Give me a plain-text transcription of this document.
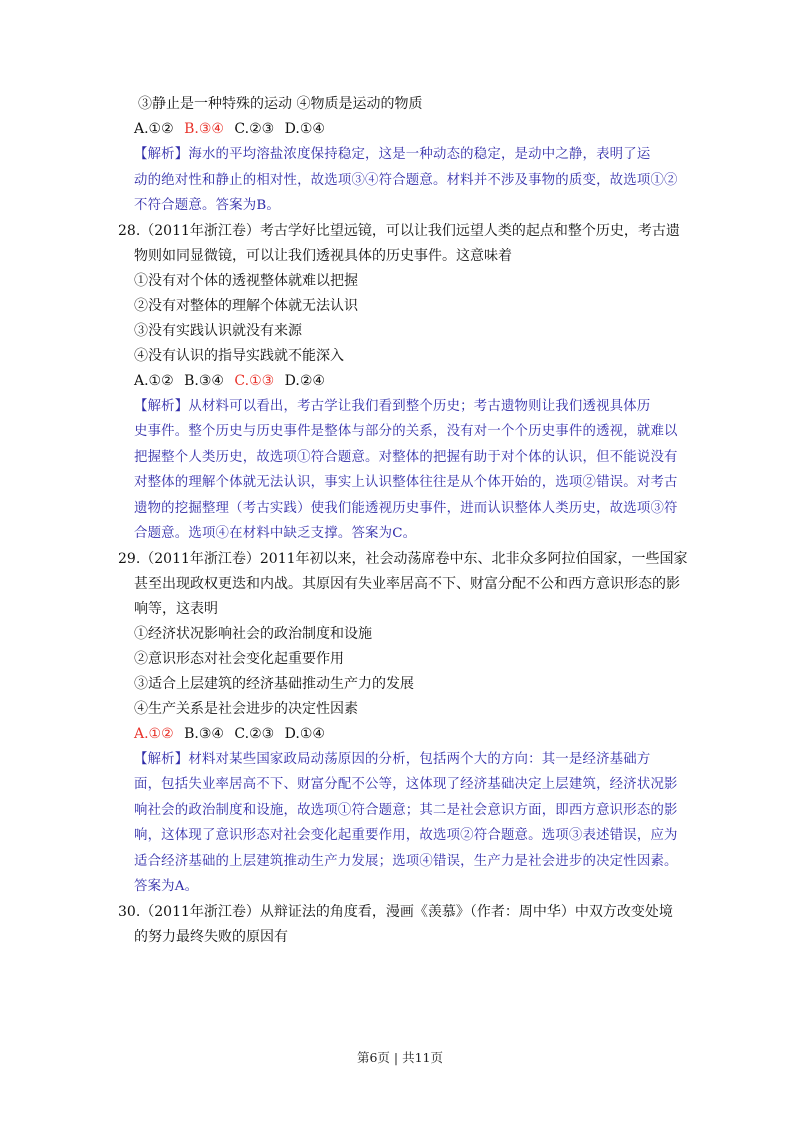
③静止是一种特殊的运动 ④物质是运动的物质
A.①② B.③④ C.②③ D.①④
【解析】海水的平均溶盐浓度保持稳定，这是一种动态的稳定，是动中之静，表明了运
动的绝对性和静止的相对性，故选项③④符合题意。材料并不涉及事物的质变，故选项①②
不符合题意。答案为B。
28.（2011年浙江卷）考古学好比望远镜，可以让我们远望人类的起点和整个历史，考古遗
物则如同显微镜，可以让我们透视具体的历史事件。这意味着
①没有对个体的透视整体就难以把握
②没有对整体的理解个体就无法认识
③没有实践认识就没有来源
④没有认识的指导实践就不能深入
A.①② B.③④ C.①③ D.②④
【解析】从材料可以看出，考古学让我们看到整个历史；考古遗物则让我们透视具体历
史事件。整个历史与历史事件是整体与部分的关系，没有对一个个历史事件的透视，就难以
把握整个人类历史，故选项①符合题意。对整体的把握有助于对个体的认识，但不能说没有
对整体的理解个体就无法认识，事实上认识整体往往是从个体开始的，选项②错误。对考古
遗物的挖掘整理（考古实践）使我们能透视历史事件，进而认识整体人类历史，故选项③符
合题意。选项④在材料中缺乏支撑。答案为C。
29.（2011年浙江卷）2011年初以来，社会动荡席卷中东、北非众多阿拉伯国家，一些国家
甚至出现政权更迭和内战。其原因有失业率居高不下、财富分配不公和西方意识形态的影
响等，这表明
①经济状况影响社会的政治制度和设施
②意识形态对社会变化起重要作用
③适合上层建筑的经济基础推动生产力的发展
④生产关系是社会进步的决定性因素
A.①② B.③④ C.②③ D.①④
【解析】材料对某些国家政局动荡原因的分析，包括两个大的方向：其一是经济基础方
面，包括失业率居高不下、财富分配不公等，这体现了经济基础决定上层建筑，经济状况影
响社会的政治制度和设施，故选项①符合题意；其二是社会意识方面，即西方意识形态的影
响，这体现了意识形态对社会变化起重要作用，故选项②符合题意。选项③表述错误，应为
适合经济基础的上层建筑推动生产力发展；选项④错误，生产力是社会进步的决定性因素。
答案为A。
30.（2011年浙江卷）从辩证法的角度看，漫画《羡慕》（作者：周中华）中双方改变处境
的努力最终失败的原因有
第6页 | 共11页
